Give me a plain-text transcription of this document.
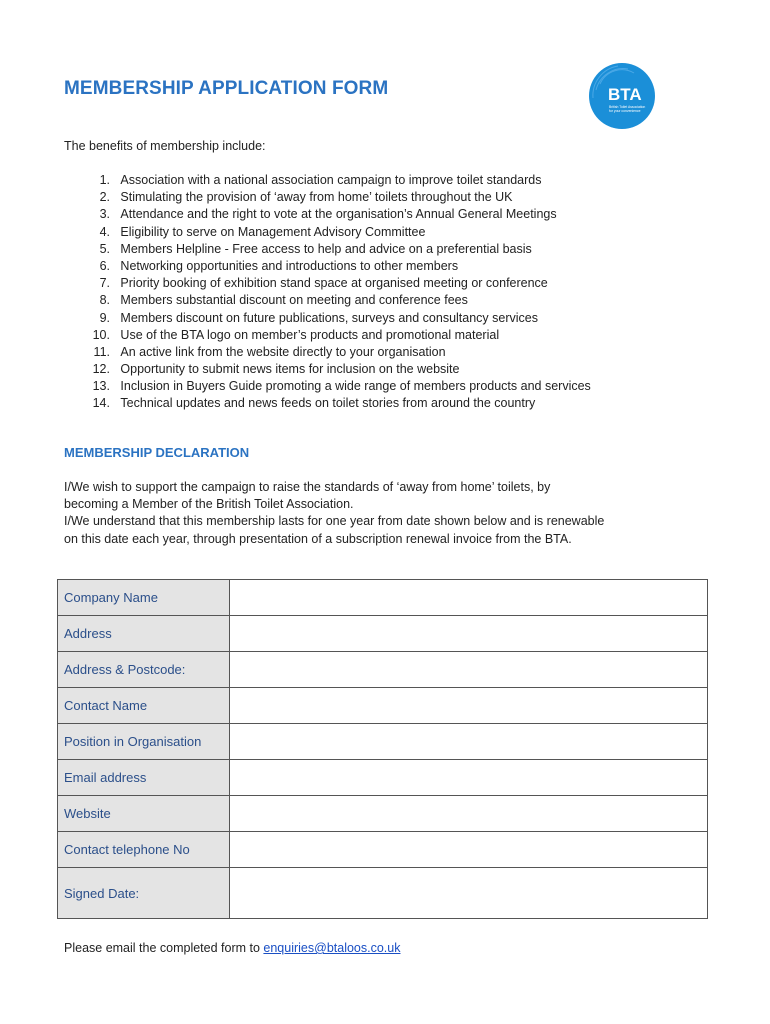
MEMBERSHIP APPLICATION FORM	BTA
British Toilet Association
for your convenience
The benefits of membership include:
1. Association with a national association campaign to improve toilet standards
2. Stimulating the provision of ‘away from home’ toilets throughout the UK
3. Attendance and the right to vote at the organisation’s Annual General Meetings
4. Eligibility to serve on Management Advisory Committee
5. Members Helpline - Free access to help and advice on a preferential basis
6. Networking opportunities and introductions to other members
7. Priority booking of exhibition stand space at organised meeting or conference
8. Members substantial discount on meeting and conference fees
9. Members discount on future publications, surveys and consultancy services
10. Use of the BTA logo on member’s products and promotional material
11. An active link from the website directly to your organisation
12. Opportunity to submit news items for inclusion on the website
13. Inclusion in Buyers Guide promoting a wide range of members products and services
14. Technical updates and news feeds on toilet stories from around the country
MEMBERSHIP DECLARATION

I/We wish to support the campaign to raise the standards of ‘away from home’ toilets, by

becoming a Member of the British Toilet Association.

I/We understand that this membership lasts for one year from date shown below and is renewable

on this date each year, through presentation of a subscription renewal invoice from the BTA.

Company Name	
Address	
Address & Postcode:	
Contact Name	
Position in Organisation	
Email address	
Website	
Contact telephone No	
Signed Date:	
Please email the completed form to enquiries@btaloos.co.uk
